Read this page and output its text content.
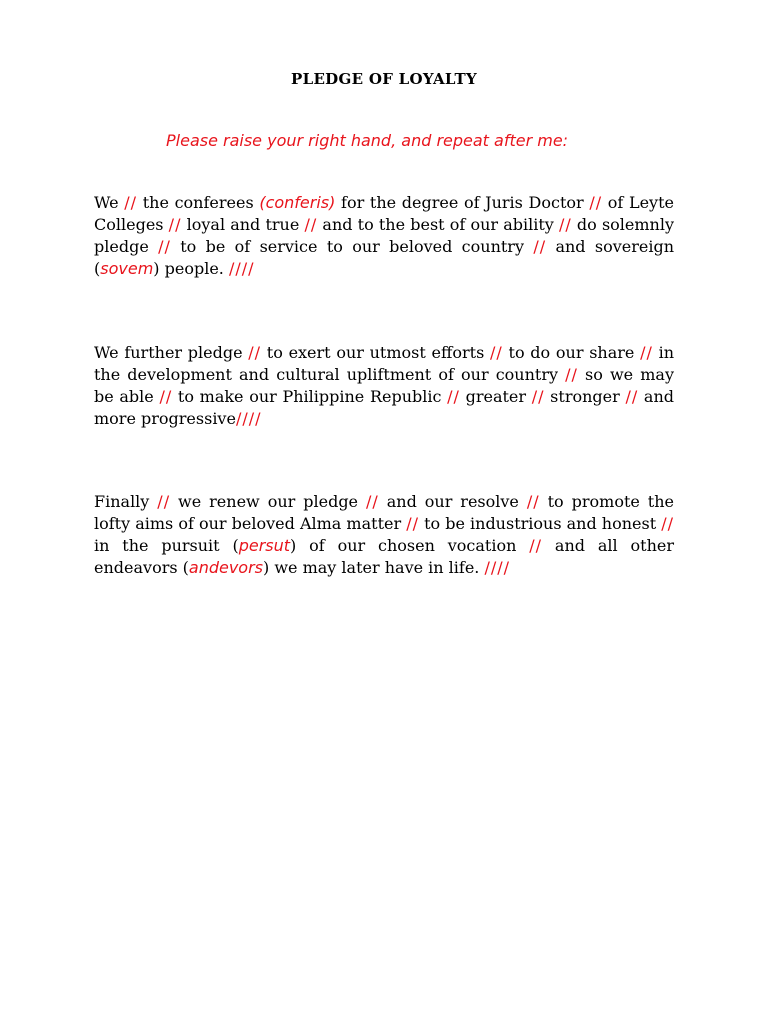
PLEDGE OF LOYALTY
Please raise your right hand, and repeat after me:

We // the conferees (conferis) for the degree of Juris Doctor // of Leyte Colleges // loyal and true // and to the best of our ability // do solemnly pledge // to be of service to our beloved country // and sovereign (sovem) people. ////

We further pledge // to exert our utmost efforts // to do our share // in the development and cultural upliftment of our country // so we may be able // to make our Philippine Republic // greater // stronger // and more progressive////

Finally // we renew our pledge // and our resolve // to promote the lofty aims of our beloved Alma matter // to be industrious and honest // in the pursuit (persut) of our chosen vocation // and all other endeavors (andevors) we may later have in life. ////
